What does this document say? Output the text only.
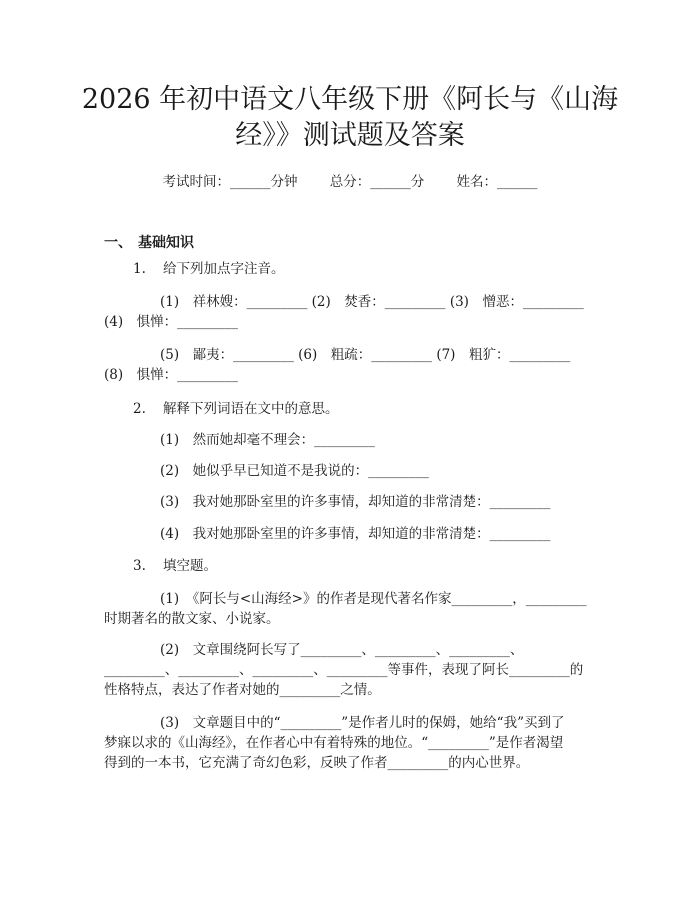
2026 年初中语文八年级下册《阿长与《山海
经》》测试题及答案
考试时间：______分钟 总分：______分 姓名：______
一、 基础知识
1. 给下列加点字注音。
(1)　祥林嫂：_________ (2)　焚香：_________ (3)　憎恶：_________
(4)　惧惮：_________
(5)　鄙夷：_________ (6)　粗疏：_________ (7)　粗犷：_________
(8)　惧惮：_________
2. 解释下列词语在文中的意思。
(1)　然而她却毫不理会：_________
(2)　她似乎早已知道不是我说的：_________
(3)　我对她那卧室里的许多事情，却知道的非常清楚：_________
(4)　我对她那卧室里的许多事情，却知道的非常清楚：_________
3. 填空题。
(1)　《阿长与<山海经>》的作者是现代著名作家_________，_________
时期著名的散文家、小说家。
(2)　文章围绕阿长写了_________、_________、_________、
_________、_________、_________、_________等事件，表现了阿长_________的
性格特点，表达了作者对她的_________之情。
(3)　文章题目中的“_________”是作者儿时的保姆，她给“我”买到了
梦寐以求的《山海经》，在作者心中有着特殊的地位。“_________”是作者渴望
得到的一本书，它充满了奇幻色彩，反映了作者_________的内心世界。
